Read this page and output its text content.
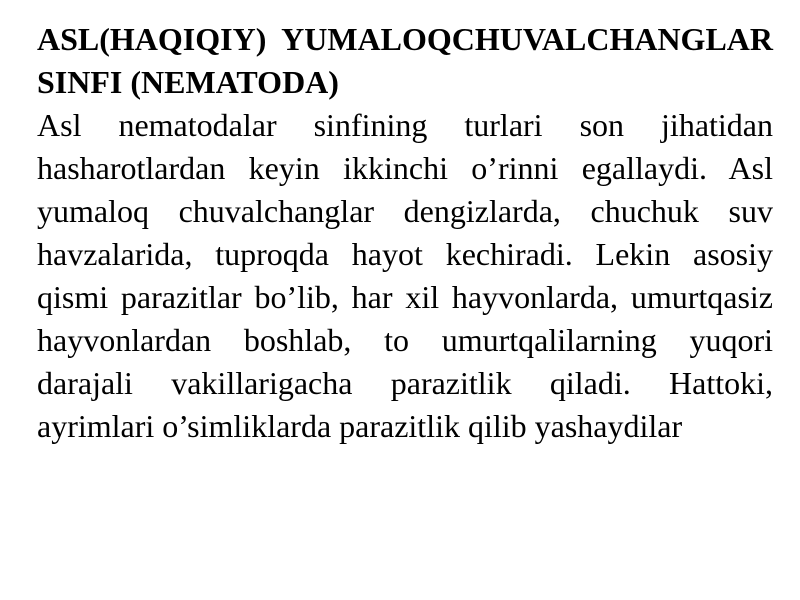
ASL(HAQIQIY) YUMALOQCHUVALCHANGLAR SINFI (NEMATODA)

Asl nematodalar sinfining turlari son jihatidan hasharotlardan keyin ikkinchi o’rinni egallaydi. Asl yumaloq chuvalchanglar dengizlarda, chuchuk suv havzalarida, tuproqda hayot kechiradi. Lekin asosiy qismi parazitlar bo’lib, har xil hayvonlarda, umurtqasiz hayvonlardan boshlab, to umurtqalilarning yuqori darajali vakillarigacha parazitlik qiladi. Hattoki, ayrimlari o’simliklarda parazitlik qilib yashaydilar
